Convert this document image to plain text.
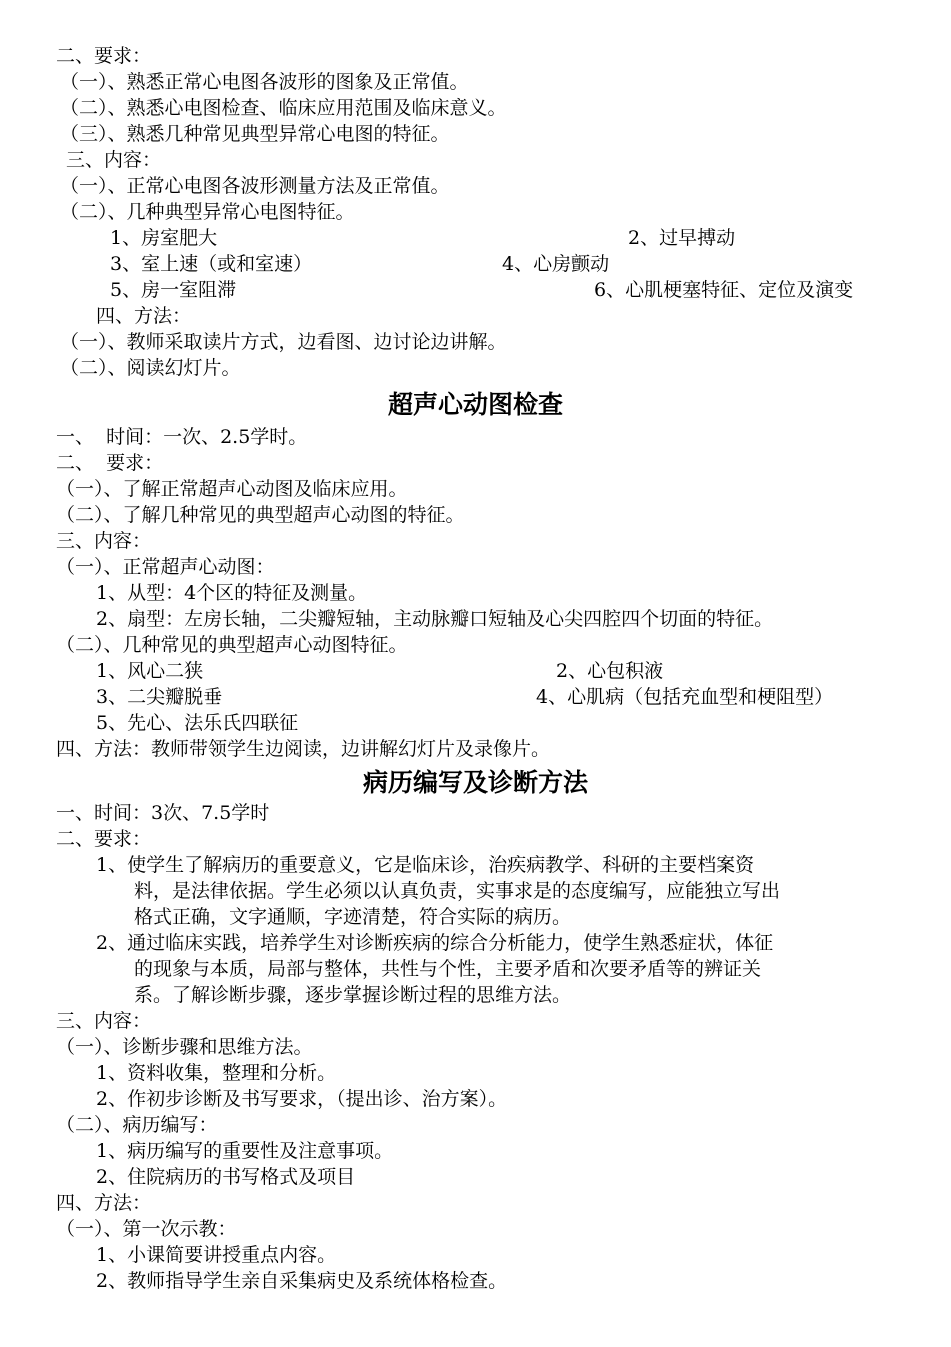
二、要求：
（一）、熟悉正常心电图各波形的图象及正常值。
（二）、熟悉心电图检查、临床应用范围及临床意义。
（三）、熟悉几种常见典型异常心电图的特征。
三、内容：
（一）、正常心电图各波形测量方法及正常值。
（二）、几种典型异常心电图特征。
1、房室肥大	2、过早搏动
3、室上速（或和室速）	4、心房颤动
5、房一室阻滞	6、心肌梗塞特征、定位及演变
四、方法：
（一）、教师采取读片方式，边看图、边讨论边讲解。
（二）、阅读幻灯片。
超声心动图检查
一、  时间：一次、2.5学时。
二、  要求：
（一）、了解正常超声心动图及临床应用。
（二）、了解几种常见的典型超声心动图的特征。
三、内容：
（一）、正常超声心动图：
1、从型：4个区的特征及测量。
2、扇型：左房长轴，二尖瓣短轴，主动脉瓣口短轴及心尖四腔四个切面的特征。
（二）、几种常见的典型超声心动图特征。
1、风心二狭	2、心包积液
3、二尖瓣脱垂	4、心肌病（包括充血型和梗阻型）
5、先心、法乐氏四联征
四、方法：教师带领学生边阅读，边讲解幻灯片及录像片。
病历编写及诊断方法
一、时间：3次、7.5学时
二、要求：
1、使学生了解病历的重要意义，它是临床诊，治疾病教学、科研的主要档案资
料，是法律依据。学生必须以认真负责，实事求是的态度编写，应能独立写出
格式正确，文字通顺，字迹清楚，符合实际的病历。
2、通过临床实践，培养学生对诊断疾病的综合分析能力，使学生熟悉症状，体征
的现象与本质，局部与整体，共性与个性，主要矛盾和次要矛盾等的辨证关
系。了解诊断步骤，逐步掌握诊断过程的思维方法。
三、内容：
（一）、诊断步骤和思维方法。
1、资料收集，整理和分析。
2、作初步诊断及书写要求，（提出诊、治方案）。
（二）、病历编写：
1、病历编写的重要性及注意事项。
2、住院病历的书写格式及项目
四、方法：
（一）、第一次示教：
1、小课简要讲授重点内容。
2、教师指导学生亲自采集病史及系统体格检查。
